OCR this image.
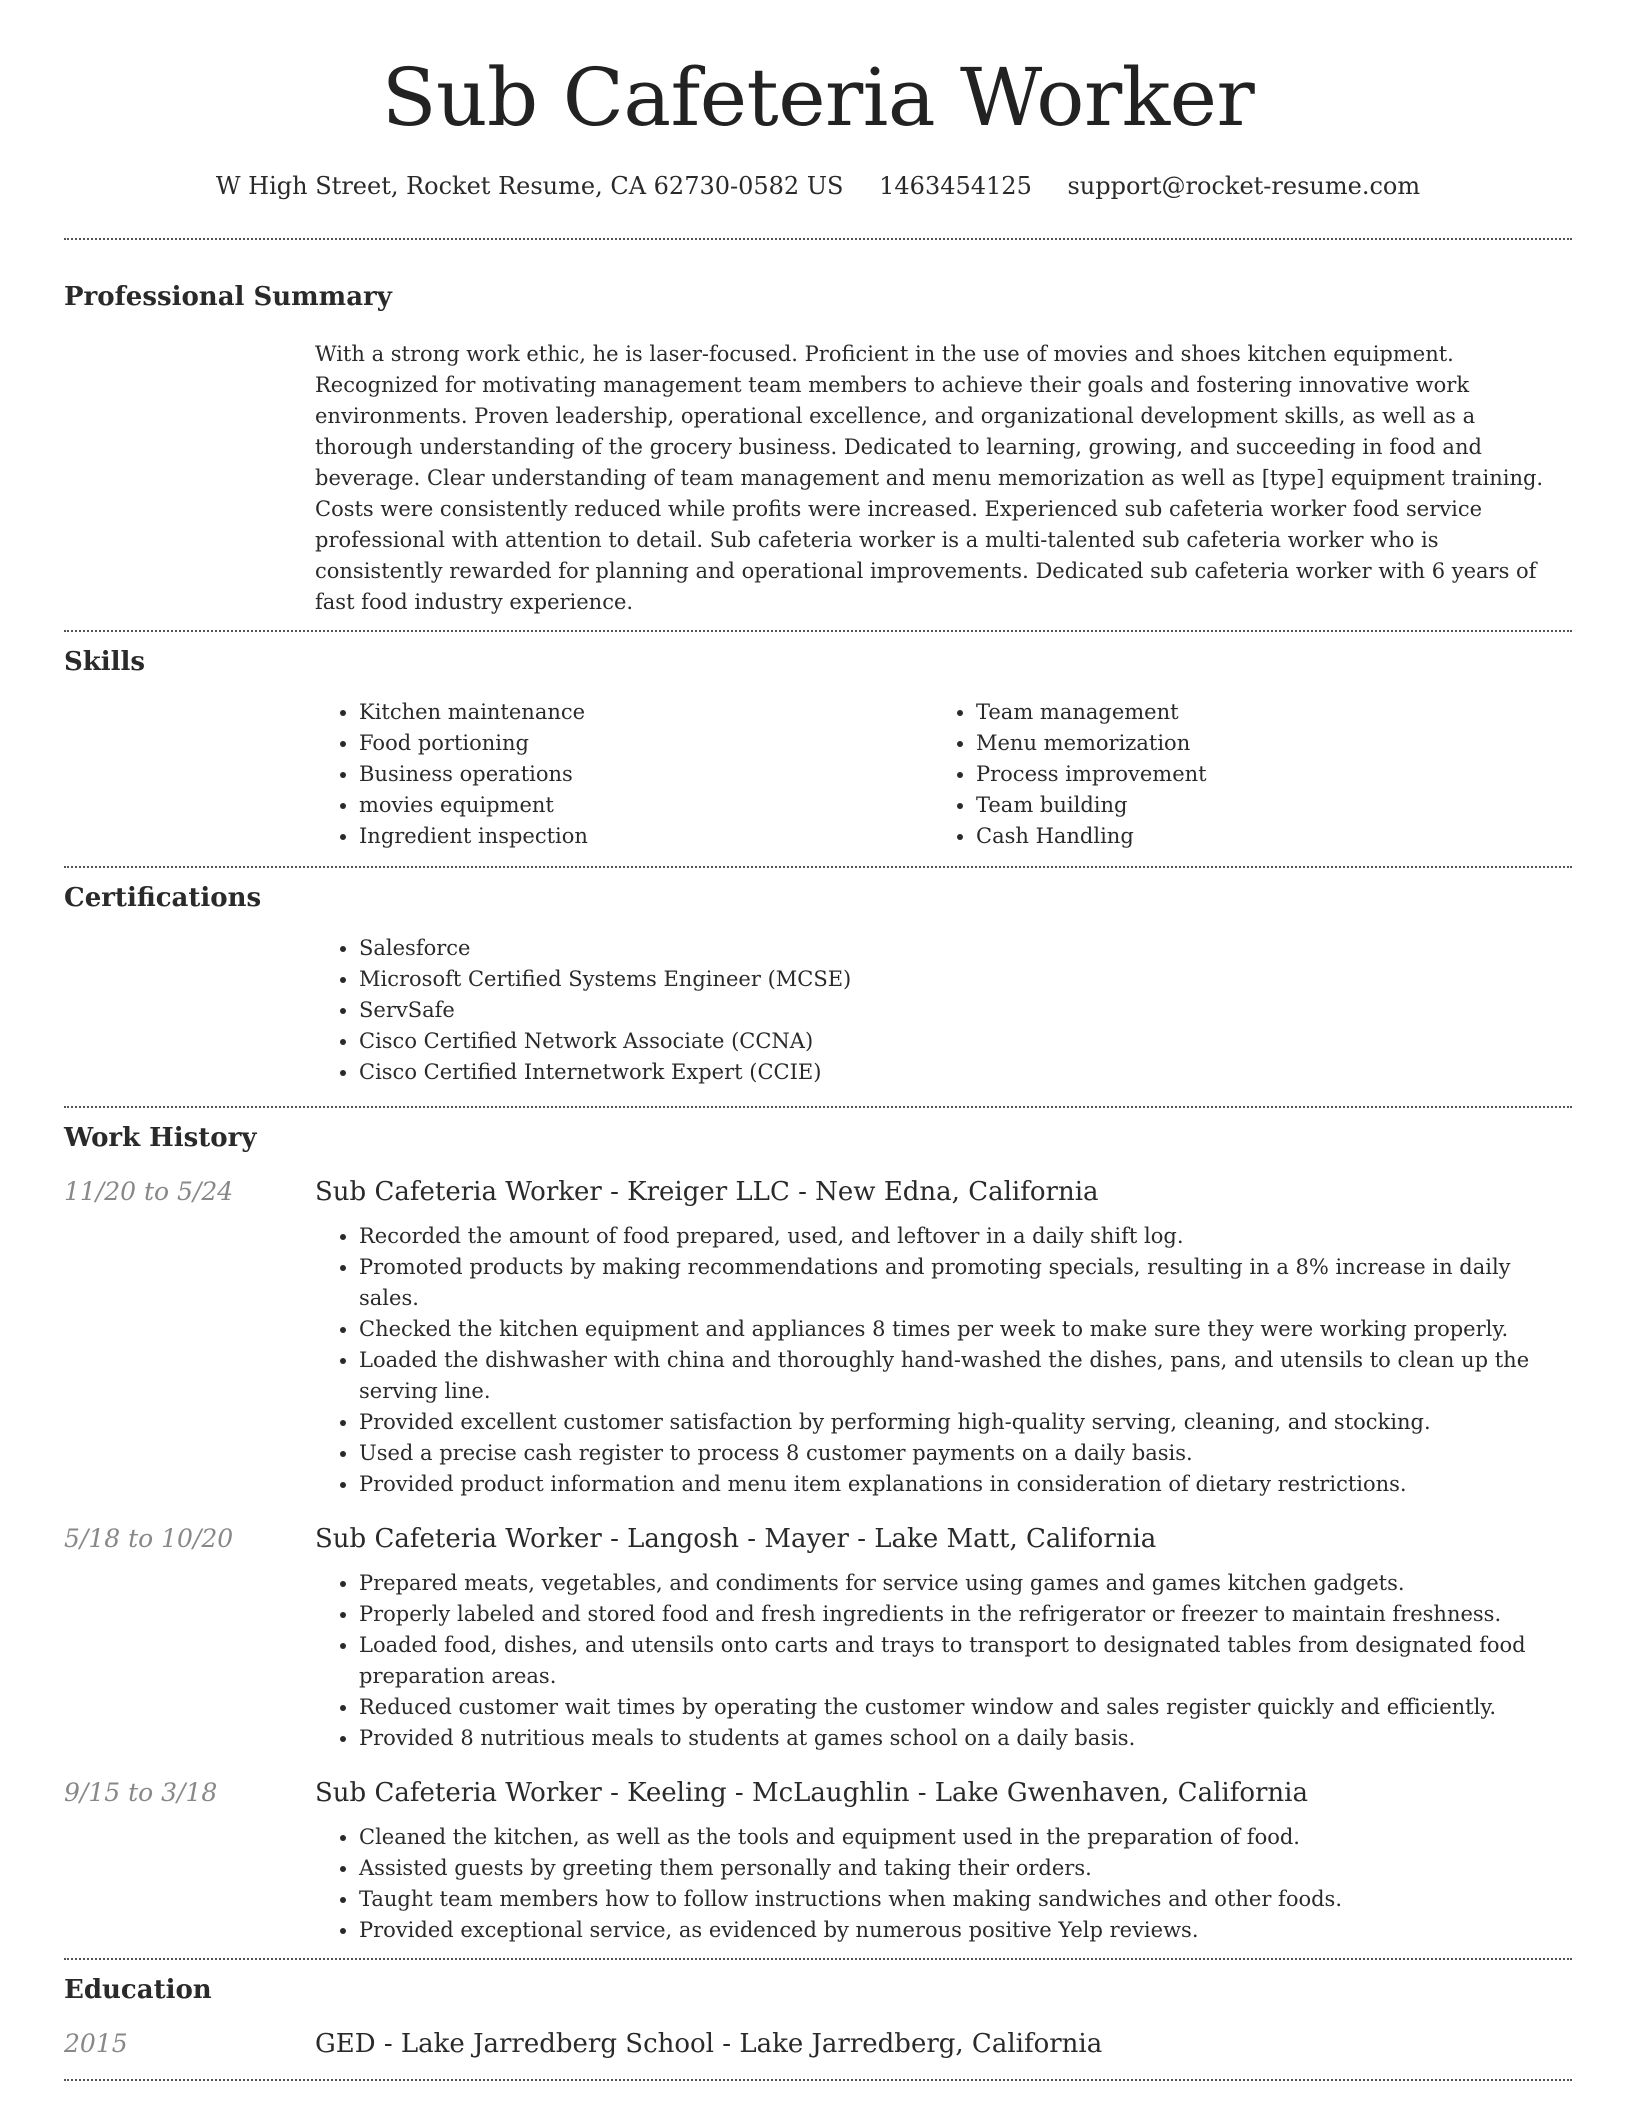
Sub Cafeteria Worker
W High Street, Rocket Resume, CA 62730-0582 US 1463454125 support@rocket-resume.com
Professional Summary
With a strong work ethic, he is laser-focused. Proficient in the use of movies and shoes kitchen equipment. Recognized for motivating management team members to achieve their goals and fostering innovative work environments. Proven leadership, operational excellence, and organizational development skills, as well as a thorough understanding of the grocery business. Dedicated to learning, growing, and succeeding in food and beverage. Clear understanding of team management and menu memorization as well as [type] equipment training. Costs were consistently reduced while profits were increased. Experienced sub cafeteria worker food service professional with attention to detail. Sub cafeteria worker is a multi-talented sub cafeteria worker who is consistently rewarded for planning and operational improvements. Dedicated sub cafeteria worker with 6 years of fast food industry experience.
Skills
• Kitchen maintenance
• Food portioning
• Business operations
• movies equipment
• Ingredient inspection
• Team management
• Menu memorization
• Process improvement
• Team building
• Cash Handling
Certifications
• Salesforce
• Microsoft Certified Systems Engineer (MCSE)
• ServSafe
• Cisco Certified Network Associate (CCNA)
• Cisco Certified Internetwork Expert (CCIE)
Work History
11/20 to 5/24	Sub Cafeteria Worker - Kreiger LLC - New Edna, California
• Recorded the amount of food prepared, used, and leftover in a daily shift log.
• Promoted products by making recommendations and promoting specials, resulting in a 8% increase in daily sales.
• Checked the kitchen equipment and appliances 8 times per week to make sure they were working properly.
• Loaded the dishwasher with china and thoroughly hand-washed the dishes, pans, and utensils to clean up the serving line.
• Provided excellent customer satisfaction by performing high-quality serving, cleaning, and stocking.
• Used a precise cash register to process 8 customer payments on a daily basis.
• Provided product information and menu item explanations in consideration of dietary restrictions.
5/18 to 10/20	Sub Cafeteria Worker - Langosh - Mayer - Lake Matt, California
• Prepared meats, vegetables, and condiments for service using games and games kitchen gadgets.
• Properly labeled and stored food and fresh ingredients in the refrigerator or freezer to maintain freshness.
• Loaded food, dishes, and utensils onto carts and trays to transport to designated tables from designated food preparation areas.
• Reduced customer wait times by operating the customer window and sales register quickly and efficiently.
• Provided 8 nutritious meals to students at games school on a daily basis.
9/15 to 3/18	Sub Cafeteria Worker - Keeling - McLaughlin - Lake Gwenhaven, California
• Cleaned the kitchen, as well as the tools and equipment used in the preparation of food.
• Assisted guests by greeting them personally and taking their orders.
• Taught team members how to follow instructions when making sandwiches and other foods.
• Provided exceptional service, as evidenced by numerous positive Yelp reviews.
Education
2015	GED - Lake Jarredberg School - Lake Jarredberg, California
